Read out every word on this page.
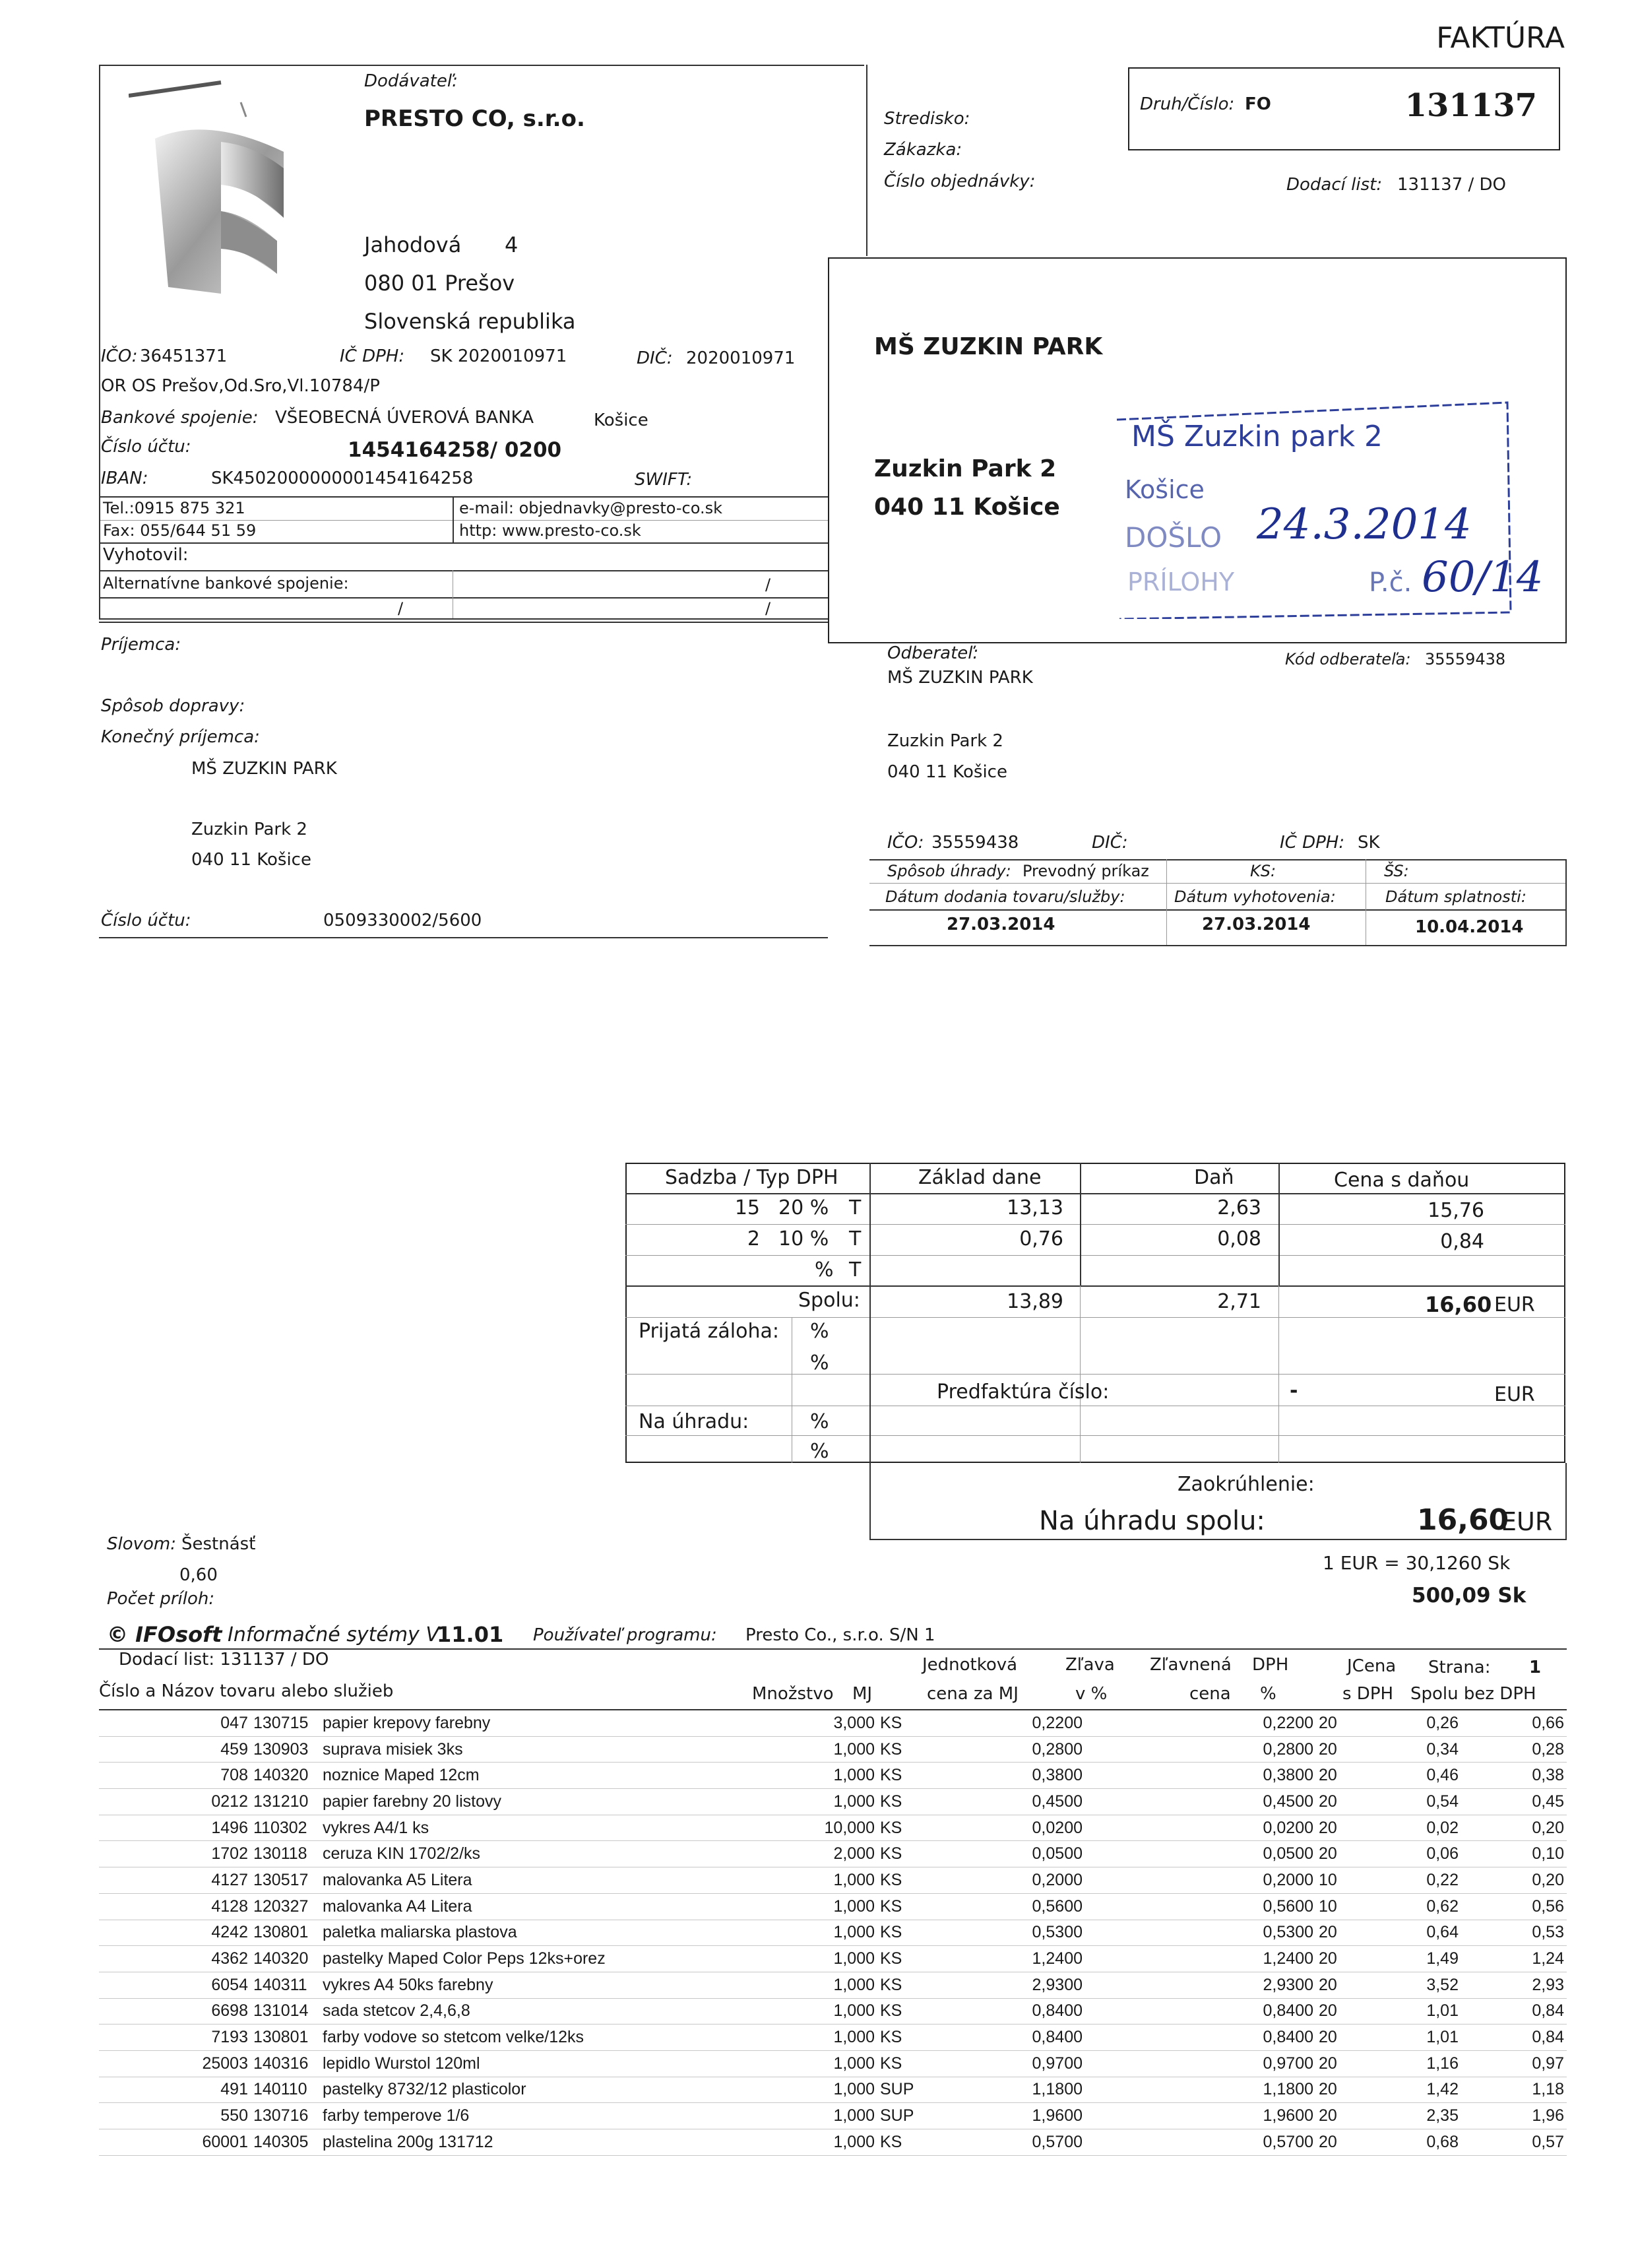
FAKTÚRA
Dodávateľ:
PRESTO CO, s.r.o.
Jahodová 4
080 01 Prešov
Slovenská republika
IČO: 36451371	IČ DPH: SK 2020010971	DIČ: 2020010971
OR OS Prešov,Od.Sro,Vl.10784/P
Bankové spojenie: VŠEOBECNÁ ÚVEROVÁ BANKA	Košice
Číslo účtu:	1454164258/ 0200
IBAN:	SK4502000000001454164258	SWIFT:
Tel.:0915 875 321
Fax: 055/644 51 59
e-mail: objednavky@presto-co.sk
http: www.presto-co.sk
Vyhotovil:
Alternatívne bankové spojenie:	/
/	/
Druh/Číslo: FO	131137
Stredisko:
Zákazka:
Číslo objednávky:	Dodací list: 131137 / DO
MŠ ZUZKIN PARK
Zuzkin Park 2
040 11 Košice
MŠ Zuzkin park 2
Košice
DOŠLO
PRÍLOHY	P.č.
24.3.2014
60/14
Príjemca:
Spôsob dopravy:
Konečný príjemca:
MŠ ZUZKIN PARK
Zuzkin Park 2
040 11 Košice
Číslo účtu:	0509330002/5600
Odberateľ:
MŠ ZUZKIN PARK
Kód odberateľa: 35559438
Zuzkin Park 2
040 11 Košice
IČO: 35559438	DIČ:	IČ DPH: SK
Spôsob úhrady: Prevodný príkaz	KS:	ŠS:
Dátum dodania tovaru/služby:	Dátum vyhotovenia:	Dátum splatnosti:
27.03.2014	27.03.2014	10.04.2014
Sadzba / Typ DPH	Základ dane	Daň	Cena s daňou
15 20 % T	13,13	2,63	15,76
2 10 % T	0,76	0,08	0,84
% T
Spolu:	13,89	2,71	16,60 EUR
Prijatá záloha: %
%
Predfaktúra číslo:	-	EUR
Na úhradu:	%
%
Zaokrúhlenie:
Na úhradu spolu:	16,60
EUR
1 EUR = 30,1260 Sk
500,09 Sk
Slovom: Šestnásť
0,60
Počet príloh:
© IFOsoft Informačné sytémy V
11.01 Používateľ programu: Presto Co., s.r.o. S/N 1
Dodací list: 131137 / DO
Číslo a Názov tovaru alebo služieb	Množstvo MJ
Jednotková
cena za MJ
Zľava
v %
Zľavnená
cena
DPH
%
JCena
s DPH
Strana: 1
Spolu bez DPH
047	130715	papier krepovy farebny	3,000	KS	0,2200		0,2200	20	0,26	0,66
459	130903	suprava misiek 3ks	1,000	KS	0,2800		0,2800	20	0,34	0,28
708	140320	noznice Maped 12cm	1,000	KS	0,3800		0,3800	20	0,46	0,38
0212	131210	papier farebny 20 listovy	1,000	KS	0,4500		0,4500	20	0,54	0,45
1496	110302	vykres A4/1 ks	10,000	KS	0,0200		0,0200	20	0,02	0,20
1702	130118	ceruza KIN 1702/2/ks	2,000	KS	0,0500		0,0500	20	0,06	0,10
4127	130517	malovanka A5 Litera	1,000	KS	0,2000		0,2000	10	0,22	0,20
4128	120327	malovanka A4 Litera	1,000	KS	0,5600		0,5600	10	0,62	0,56
4242	130801	paletka maliarska plastova	1,000	KS	0,5300		0,5300	20	0,64	0,53
4362	140320	pastelky Maped Color Peps 12ks+orez	1,000	KS	1,2400		1,2400	20	1,49	1,24
6054	140311	vykres A4 50ks farebny	1,000	KS	2,9300		2,9300	20	3,52	2,93
6698	131014	sada stetcov 2,4,6,8	1,000	KS	0,8400		0,8400	20	1,01	0,84
7193	130801	farby vodove so stetcom velke/12ks	1,000	KS	0,8400		0,8400	20	1,01	0,84
25003	140316	lepidlo Wurstol 120ml	1,000	KS	0,9700		0,9700	20	1,16	0,97
491	140110	pastelky 8732/12 plasticolor	1,000	SUP	1,1800		1,1800	20	1,42	1,18
550	130716	farby temperove 1/6	1,000	SUP	1,9600		1,9600	20	2,35	1,96
60001	140305	plastelina 200g 131712	1,000	KS	0,5700		0,5700	20	0,68	0,57
